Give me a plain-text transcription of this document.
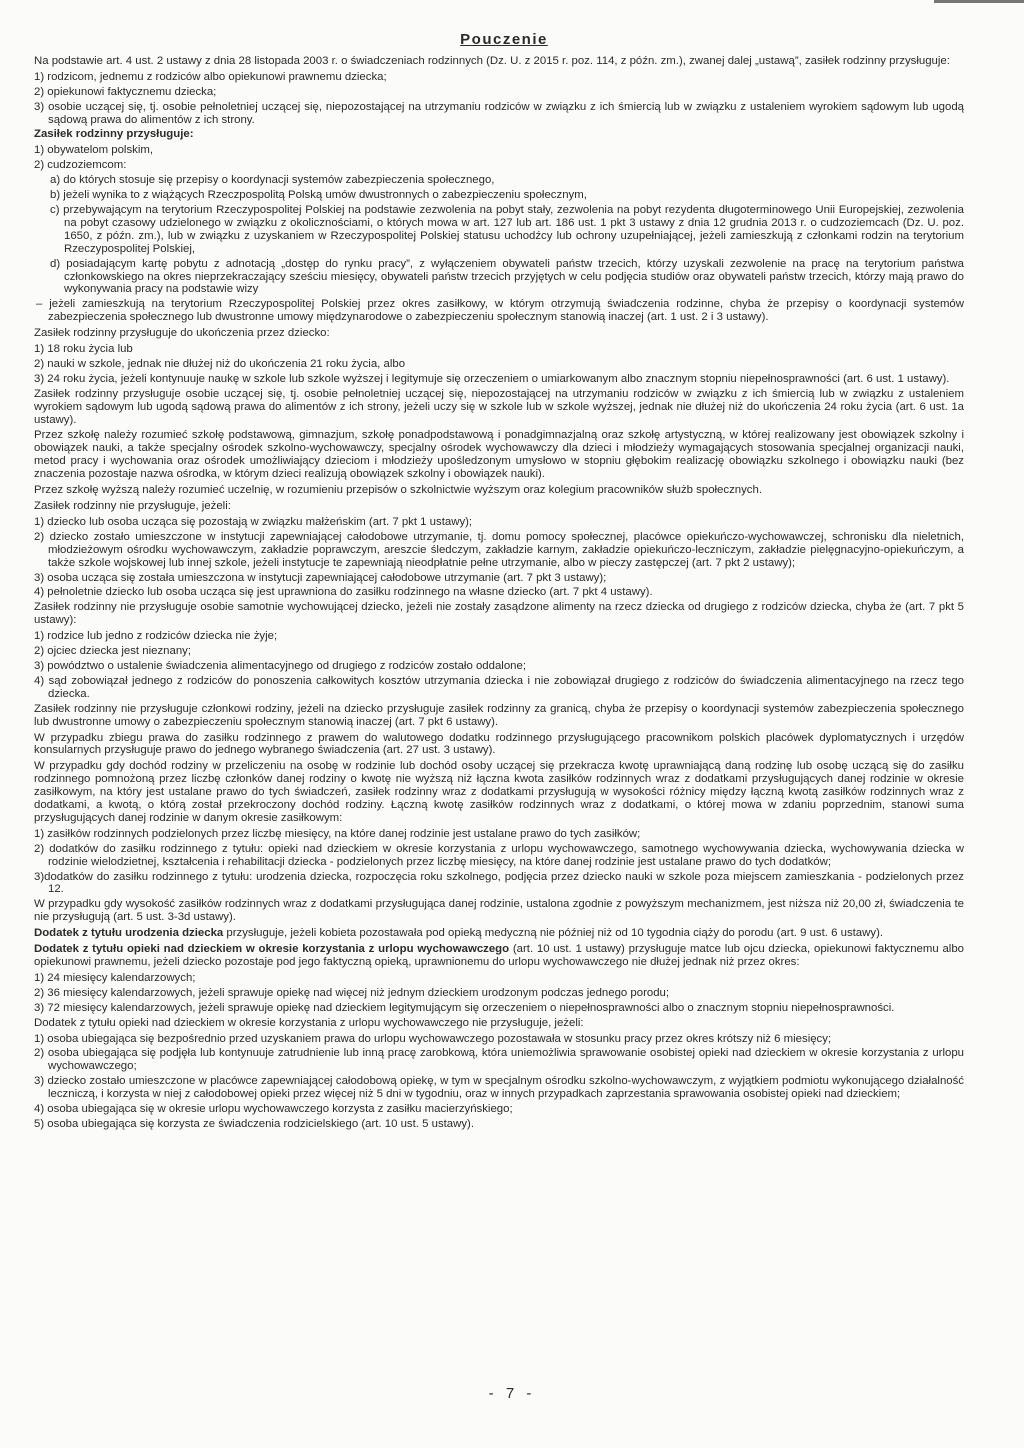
Pouczenie

Na podstawie art. 4 ust. 2 ustawy z dnia 28 listopada 2003 r. o świadczeniach rodzinnych (Dz. U. z 2015 r. poz. 114, z późn. zm.), zwanej dalej „ustawą”, zasiłek rodzinny przysługuje:

1) rodzicom, jednemu z rodziców albo opiekunowi prawnemu dziecka;
2) opiekunowi faktycznemu dziecka;
3) osobie uczącej się, tj. osobie pełnoletniej uczącej się, niepozostającej na utrzymaniu rodziców w związku z ich śmiercią lub w związku z ustaleniem wyrokiem sądowym lub ugodą sądową prawa do alimentów z ich strony.

Zasiłek rodzinny przysługuje:

1) obywatelom polskim,
2) cudzoziemcom:
a) do których stosuje się przepisy o koordynacji systemów zabezpieczenia społecznego,
b) jeżeli wynika to z wiążących Rzeczpospolitą Polską umów dwustronnych o zabezpieczeniu społecznym,
c) przebywającym na terytorium Rzeczypospolitej Polskiej na podstawie zezwolenia na pobyt stały, zezwolenia na pobyt rezydenta długoterminowego Unii Europejskiej, zezwolenia na pobyt czasowy udzielonego w związku z okolicznościami, o których mowa w art. 127 lub art. 186 ust. 1 pkt 3 ustawy z dnia 12 grudnia 2013 r. o cudzoziemcach (Dz. U. poz. 1650, z późn. zm.), lub w związku z uzyskaniem w Rzeczypospolitej Polskiej statusu uchodźcy lub ochrony uzupełniającej, jeżeli zamieszkują z członkami rodzin na terytorium Rzeczypospolitej Polskiej,
d) posiadającym kartę pobytu z adnotacją „dostęp do rynku pracy”, z wyłączeniem obywateli państw trzecich, którzy uzyskali zezwolenie na pracę na terytorium państwa członkowskiego na okres nieprzekraczający sześciu miesięcy, obywateli państw trzecich przyjętych w celu podjęcia studiów oraz obywateli państw trzecich, którzy mają prawo do wykonywania pracy na podstawie wizy
– jeżeli zamieszkują na terytorium Rzeczypospolitej Polskiej przez okres zasiłkowy, w którym otrzymują świadczenia rodzinne, chyba że przepisy o koordynacji systemów zabezpieczenia społecznego lub dwustronne umowy międzynarodowe o zabezpieczeniu społecznym stanowią inaczej (art. 1 ust. 2 i 3 ustawy).

Zasiłek rodzinny przysługuje do ukończenia przez dziecko:

1) 18 roku życia lub
2) nauki w szkole, jednak nie dłużej niż do ukończenia 21 roku życia, albo
3) 24 roku życia, jeżeli kontynuuje naukę w szkole lub szkole wyższej i legitymuje się orzeczeniem o umiarkowanym albo znacznym stopniu niepełnosprawności (art. 6 ust. 1 ustawy).

Zasiłek rodzinny przysługuje osobie uczącej się, tj. osobie pełnoletniej uczącej się, niepozostającej na utrzymaniu rodziców w związku z ich śmiercią lub w związku z ustaleniem wyrokiem sądowym lub ugodą sądową prawa do alimentów z ich strony, jeżeli uczy się w szkole lub w szkole wyższej, jednak nie dłużej niż do ukończenia 24 roku życia (art. 6 ust. 1a ustawy).

Przez szkołę należy rozumieć szkołę podstawową, gimnazjum, szkołę ponadpodstawową i ponadgimnazjalną oraz szkołę artystyczną, w której realizowany jest obowiązek szkolny i obowiązek nauki, a także specjalny ośrodek szkolno-wychowawczy, specjalny ośrodek wychowawczy dla dzieci i młodzieży wymagających stosowania specjalnej organizacji nauki, metod pracy i wychowania oraz ośrodek umożliwiający dzieciom i młodzieży upośledzonym umysłowo w stopniu głębokim realizację obowiązku szkolnego i obowiązku nauki (bez znaczenia pozostaje nazwa ośrodka, w którym dzieci realizują obowiązek szkolny i obowiązek nauki).

Przez szkołę wyższą należy rozumieć uczelnię, w rozumieniu przepisów o szkolnictwie wyższym oraz kolegium pracowników służb społecznych.

Zasiłek rodzinny nie przysługuje, jeżeli:

1) dziecko lub osoba ucząca się pozostają w związku małżeńskim (art. 7 pkt 1 ustawy);
2) dziecko zostało umieszczone w instytucji zapewniającej całodobowe utrzymanie, tj. domu pomocy społecznej, placówce opiekuńczo-wychowawczej, schronisku dla nieletnich, młodzieżowym ośrodku wychowawczym, zakładzie poprawczym, areszcie śledczym, zakładzie karnym, zakładzie opiekuńczo-leczniczym, zakładzie pielęgnacyjno-opiekuńczym, a także szkole wojskowej lub innej szkole, jeżeli instytucje te zapewniają nieodpłatnie pełne utrzymanie, albo w pieczy zastępczej (art. 7 pkt 2 ustawy);
3) osoba ucząca się została umieszczona w instytucji zapewniającej całodobowe utrzymanie (art. 7 pkt 3 ustawy);
4) pełnoletnie dziecko lub osoba ucząca się jest uprawniona do zasiłku rodzinnego na własne dziecko (art. 7 pkt 4 ustawy).

Zasiłek rodzinny nie przysługuje osobie samotnie wychowującej dziecko, jeżeli nie zostały zasądzone alimenty na rzecz dziecka od drugiego z rodziców dziecka, chyba że (art. 7 pkt 5 ustawy):

1) rodzice lub jedno z rodziców dziecka nie żyje;
2) ojciec dziecka jest nieznany;
3) powództwo o ustalenie świadczenia alimentacyjnego od drugiego z rodziców zostało oddalone;
4) sąd zobowiązał jednego z rodziców do ponoszenia całkowitych kosztów utrzymania dziecka i nie zobowiązał drugiego z rodziców do świadczenia alimentacyjnego na rzecz tego dziecka.

Zasiłek rodzinny nie przysługuje członkowi rodziny, jeżeli na dziecko przysługuje zasiłek rodzinny za granicą, chyba że przepisy o koordynacji systemów zabezpieczenia społecznego lub dwustronne umowy o zabezpieczeniu społecznym stanowią inaczej (art. 7 pkt 6 ustawy).

W przypadku zbiegu prawa do zasiłku rodzinnego z prawem do walutowego dodatku rodzinnego przysługującego pracownikom polskich placówek dyplomatycznych i urzędów konsularnych przysługuje prawo do jednego wybranego świadczenia (art. 27 ust. 3 ustawy).

W przypadku gdy dochód rodziny w przeliczeniu na osobę w rodzinie lub dochód osoby uczącej się przekracza kwotę uprawniającą daną rodzinę lub osobę uczącą się do zasiłku rodzinnego pomnożoną przez liczbę członków danej rodziny o kwotę nie wyższą niż łączna kwota zasiłków rodzinnych wraz z dodatkami przysługujących danej rodzinie w okresie zasiłkowym, na który jest ustalane prawo do tych świadczeń, zasiłek rodzinny wraz z dodatkami przysługują w wysokości różnicy między łączną kwotą zasiłków rodzinnych wraz z dodatkami, a kwotą, o którą został przekroczony dochód rodziny. Łączną kwotę zasiłków rodzinnych wraz z dodatkami, o której mowa w zdaniu poprzednim, stanowi suma przysługujących danej rodzinie w danym okresie zasiłkowym:

1) zasiłków rodzinnych podzielonych przez liczbę miesięcy, na które danej rodzinie jest ustalane prawo do tych zasiłków;
2) dodatków do zasiłku rodzinnego z tytułu: opieki nad dzieckiem w okresie korzystania z urlopu wychowawczego, samotnego wychowywania dziecka, wychowywania dziecka w rodzinie wielodzietnej, kształcenia i rehabilitacji dziecka - podzielonych przez liczbę miesięcy, na które danej rodzinie jest ustalane prawo do tych dodatków;
3)dodatków do zasiłku rodzinnego z tytułu: urodzenia dziecka, rozpoczęcia roku szkolnego, podjęcia przez dziecko nauki w szkole poza miejscem zamieszkania - podzielonych przez 12.

W przypadku gdy wysokość zasiłków rodzinnych wraz z dodatkami przysługująca danej rodzinie, ustalona zgodnie z powyższym mechanizmem, jest niższa niż 20,00 zł, świadczenia te nie przysługują (art. 5 ust. 3-3d ustawy).

Dodatek z tytułu urodzenia dziecka przysługuje, jeżeli kobieta pozostawała pod opieką medyczną nie później niż od 10 tygodnia ciąży do porodu (art. 9 ust. 6 ustawy).

Dodatek z tytułu opieki nad dzieckiem w okresie korzystania z urlopu wychowawczego (art. 10 ust. 1 ustawy) przysługuje matce lub ojcu dziecka, opiekunowi faktycznemu albo opiekunowi prawnemu, jeżeli dziecko pozostaje pod jego faktyczną opieką, uprawnionemu do urlopu wychowawczego nie dłużej jednak niż przez okres:

1) 24 miesięcy kalendarzowych;
2) 36 miesięcy kalendarzowych, jeżeli sprawuje opiekę nad więcej niż jednym dzieckiem urodzonym podczas jednego porodu;
3) 72 miesięcy kalendarzowych, jeżeli sprawuje opiekę nad dzieckiem legitymującym się orzeczeniem o niepełnosprawności albo o znacznym stopniu niepełnosprawności.

Dodatek z tytułu opieki nad dzieckiem w okresie korzystania z urlopu wychowawczego nie przysługuje, jeżeli:

1) osoba ubiegająca się bezpośrednio przed uzyskaniem prawa do urlopu wychowawczego pozostawała w stosunku pracy przez okres krótszy niż 6 miesięcy;
2) osoba ubiegająca się podjęła lub kontynuuje zatrudnienie lub inną pracę zarobkową, która uniemożliwia sprawowanie osobistej opieki nad dzieckiem w okresie korzystania z urlopu wychowawczego;
3) dziecko zostało umieszczone w placówce zapewniającej całodobową opiekę, w tym w specjalnym ośrodku szkolno-wychowawczym, z wyjątkiem podmiotu wykonującego działalność leczniczą, i korzysta w niej z całodobowej opieki przez więcej niż 5 dni w tygodniu, oraz w innych przypadkach zaprzestania sprawowania osobistej opieki nad dzieckiem;
4) osoba ubiegająca się w okresie urlopu wychowawczego korzysta z zasiłku macierzyńskiego;
5) osoba ubiegająca się korzysta ze świadczenia rodzicielskiego (art. 10 ust. 5 ustawy).
- 7 -
